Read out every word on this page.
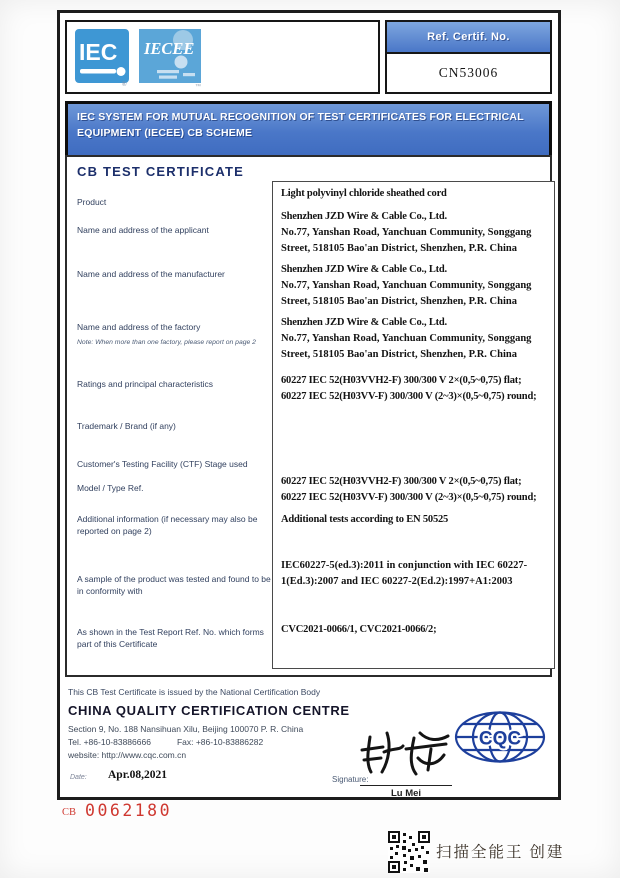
IEC
®
IECEE
™
Ref. Certif. No.
CN53006
IEC SYSTEM FOR MUTUAL RECOGNITION OF TEST CERTIFICATES FOR ELECTRICAL EQUIPMENT (IECEE) CB SCHEME
CB TEST CERTIFICATE
Product
Name and address of the applicant
Name and address of the manufacturer
Name and address of the factory
Note: When more than one factory, please report on page 2
Ratings and principal characteristics
Trademark / Brand (if any)
Customer's Testing Facility (CTF) Stage used
Model / Type Ref.
Additional information (if necessary may also be reported on page 2)
A sample of the product was tested and found to be in conformity with
As shown in the Test Report Ref. No. which forms part of this Certificate
Light polyvinyl chloride sheathed cord
Shenzhen JZD Wire & Cable Co., Ltd.
No.77, Yanshan Road, Yanchuan Community, Songgang Street, 518105 Bao'an District, Shenzhen, P.R. China
Shenzhen JZD Wire & Cable Co., Ltd.
No.77, Yanshan Road, Yanchuan Community, Songgang Street, 518105 Bao'an District, Shenzhen, P.R. China
Shenzhen JZD Wire & Cable Co., Ltd.
No.77, Yanshan Road, Yanchuan Community, Songgang Street, 518105 Bao'an District, Shenzhen, P.R. China
60227 IEC 52(H03VVH2-F) 300/300 V 2×(0,5~0,75) flat;
60227 IEC 52(H03VV-F) 300/300 V (2~3)×(0,5~0,75) round;
60227 IEC 52(H03VVH2-F) 300/300 V 2×(0,5~0,75) flat;
60227 IEC 52(H03VV-F) 300/300 V (2~3)×(0,5~0,75) round;
Additional tests according to EN 50525
IEC60227-5(ed.3):2011 in conjunction with IEC 60227-1(Ed.3):2007 and IEC 60227-2(Ed.2):1997+A1:2003
CVC2021-0066/1, CVC2021-0066/2;
This CB Test Certificate is issued by the National Certification Body
CHINA QUALITY CERTIFICATION CENTRE
Section 9, No. 188 Nansihuan Xilu, Beijing 100070 P. R. China
Tel. +86-10-83886666	Fax: +86-10-83886282
website: http://www.cqc.com.cn
Date: Apr.08,2021	Signature:
Lu Mei
CQC
CB 0062180
扫描全能王 创建
